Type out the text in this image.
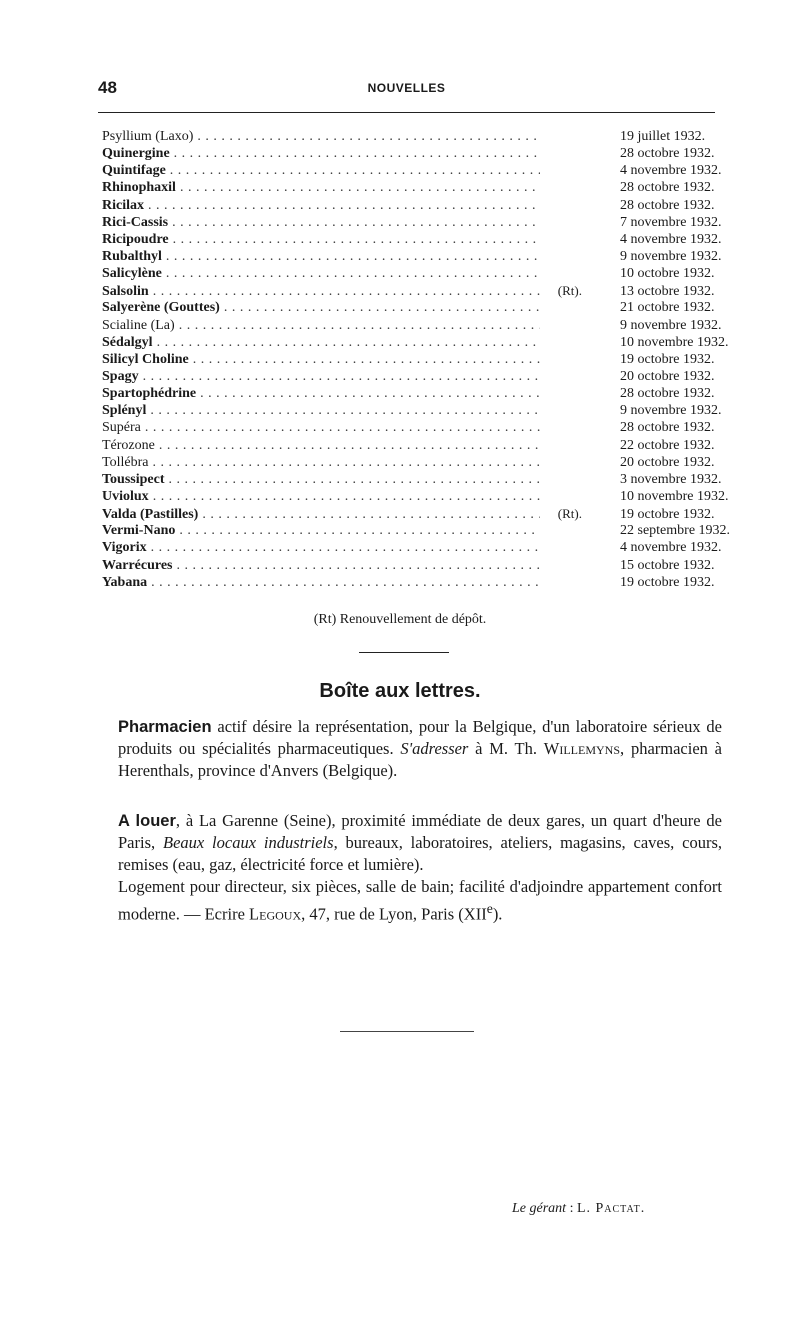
48	NOUVELLES
Psyllium (Laxo) . . .	19 juillet 1932.
Quinergine . . .	28 octobre 1932.
Quintifage . . .	4 novembre 1932.
Rhinophaxil . . .	28 octobre 1932.
Ricilax . . .	28 octobre 1932.
Rici-Cassis . . .	7 novembre 1932.
Ricipoudre . . .	4 novembre 1932.
Rubalthyl . . .	9 novembre 1932.
Salicylène . . .	10 octobre 1932.
Salsolin . . .	(Rt).	13 octobre 1932.
Salyerène (Gouttes) . . .	21 octobre 1932.
Scialine (La) . . .	9 novembre 1932.
Sédalgyl . . .	10 novembre 1932.
Silicyl Choline . . .	19 octobre 1932.
Spagy . . .	20 octobre 1932.
Spartophédrine . . .	28 octobre 1932.
Splényl . . .	9 novembre 1932.
Supéra . . .	28 octobre 1932.
Térozone . . .	22 octobre 1932.
Tollébra . . .	20 octobre 1932.
Toussipect . . .	3 novembre 1932.
Uviolux . . .	10 novembre 1932.
Valda (Pastilles) . . .	(Rt).	19 octobre 1932.
Vermi-Nano . . .	22 septembre 1932.
Vigorix . . .	4 novembre 1932.
Warrécures . . .	15 octobre 1932.
Yabana . . .	19 octobre 1932.
(Rt) Renouvellement de dépôt.
Boîte aux lettres.
Pharmacien actif désire la représentation, pour la Belgique, d'un laboratoire sérieux de produits ou spécialités pharmaceutiques. S'adresser à M. Th. Willemyns, pharmacien à Herenthals, province d'Anvers (Belgique).
A louer, à La Garenne (Seine), proximité immédiate de deux gares, un quart d'heure de Paris, Beaux locaux industriels, bureaux, laboratoires, ateliers, magasins, caves, cours, remises (eau, gaz, électricité force et lumière).
Logement pour directeur, six pièces, salle de bain; facilité d'adjoindre appartement confort moderne. — Ecrire Legoux, 47, rue de Lyon, Paris (XIIe).
Le gérant : L. Pactat.
